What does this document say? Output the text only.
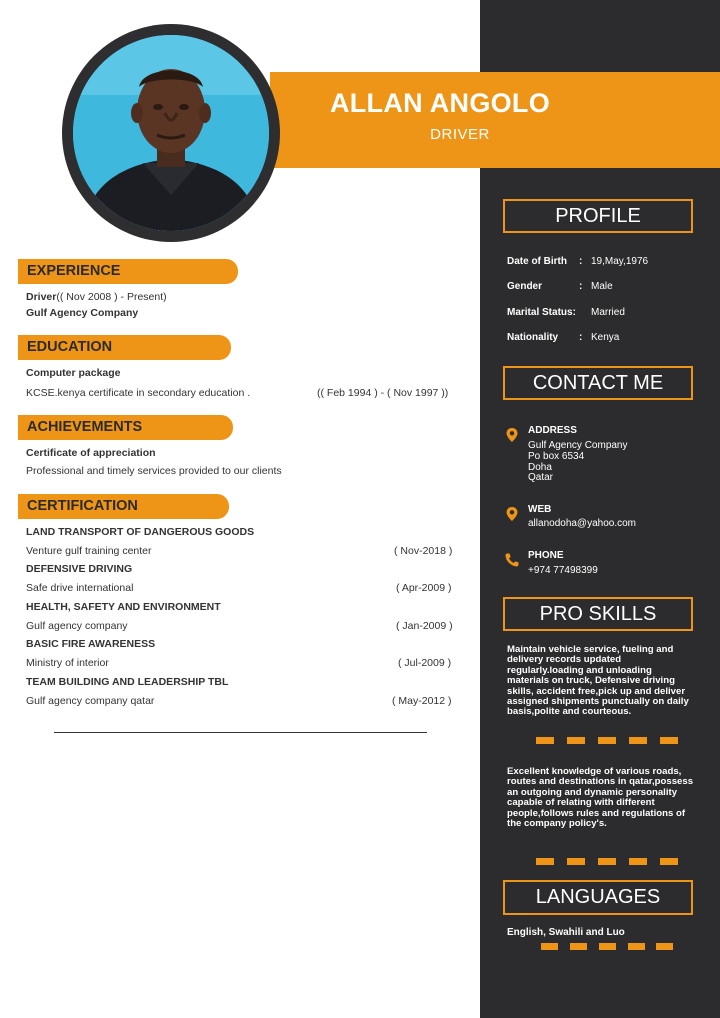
ALLAN ANGOLO
DRIVER
EXPERIENCE
Driver(( Nov 2008 ) - Present)
Gulf Agency Company
EDUCATION
Computer package
KCSE.kenya certificate in secondary education .	(( Feb 1994 ) - ( Nov 1997 ))
ACHIEVEMENTS
Certificate of appreciation
Professional and timely services provided to our clients
CERTIFICATION
LAND TRANSPORT OF DANGEROUS GOODS
Venture gulf training center	( Nov-2018 )
DEFENSIVE DRIVING
Safe drive international	( Apr-2009 )
HEALTH, SAFETY AND ENVIRONMENT
Gulf agency company	( Jan-2009 )
BASIC FIRE AWARENESS
Ministry of interior	( Jul-2009 )
TEAM BUILDING AND LEADERSHIP TBL
Gulf agency company qatar	( May-2012 )
PROFILE
Date of Birth : 19,May,1976
Gender	: Male
Marital Status: Married
Nationality : Kenya
CONTACT ME
ADDRESS
Gulf Agency Company
Po box 6534
Doha
Qatar
WEB
allanodoha@yahoo.com
PHONE
+974 77498399
PRO SKILLS
Maintain vehicle service, fueling and delivery records updated regularly.loading and unloading materials on truck, Defensive driving skills, accident free,pick up and deliver assigned shipments punctually on daily basis,polite and courteous.
Excellent knowledge of various roads, routes and destinations in qatar,possess an outgoing and dynamic personality capable of relating with different people,follows rules and regulations of the company policy's.
LANGUAGES
English, Swahili and Luo
